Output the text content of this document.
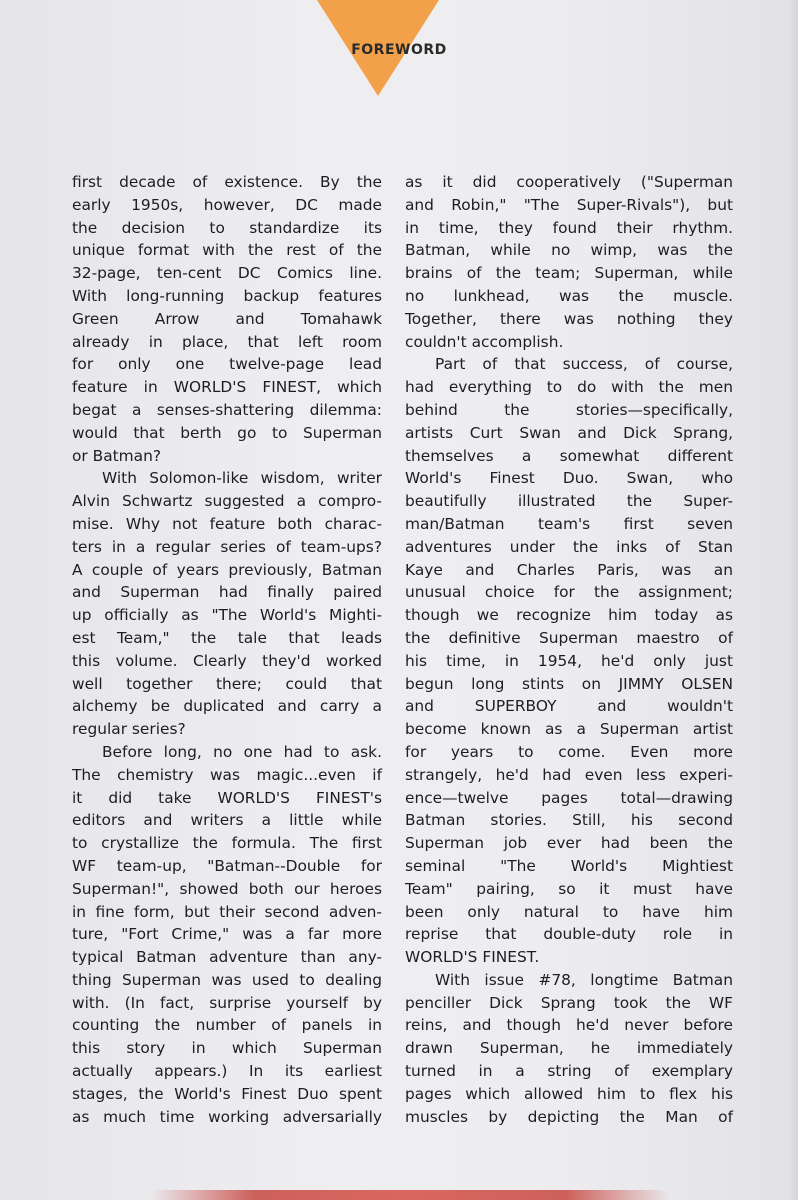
FOREWORD
first decade of existence. By the
early 1950s, however, DC made
the decision to standardize its
unique format with the rest of the
32-page, ten-cent DC Comics line.
With long-running backup features
Green Arrow and Tomahawk
already in place, that left room
for only one twelve-page lead
feature in WORLD'S FINEST, which
begat a senses-shattering dilemma:
would that berth go to Superman
or Batman?
With Solomon-like wisdom, writer
Alvin Schwartz suggested a compro-
mise. Why not feature both charac-
ters in a regular series of team-ups?
A couple of years previously, Batman
and Superman had finally paired
up officially as "The World's Mighti-
est Team," the tale that leads
this volume. Clearly they'd worked
well together there; could that
alchemy be duplicated and carry a
regular series?
Before long, no one had to ask.
The chemistry was magic...even if
it did take WORLD'S FINEST's
editors and writers a little while
to crystallize the formula. The first
WF team-up, "Batman--Double for
Superman!", showed both our heroes
in fine form, but their second adven-
ture, "Fort Crime," was a far more
typical Batman adventure than any-
thing Superman was used to dealing
with. (In fact, surprise yourself by
counting the number of panels in
this story in which Superman
actually appears.) In its earliest
stages, the World's Finest Duo spent
as much time working adversarially
as it did cooperatively ("Superman
and Robin," "The Super-Rivals"), but
in time, they found their rhythm.
Batman, while no wimp, was the
brains of the team; Superman, while
no lunkhead, was the muscle.
Together, there was nothing they
couldn't accomplish.
Part of that success, of course,
had everything to do with the men
behind the stories—specifically,
artists Curt Swan and Dick Sprang,
themselves a somewhat different
World's Finest Duo. Swan, who
beautifully illustrated the Super-
man/Batman team's first seven
adventures under the inks of Stan
Kaye and Charles Paris, was an
unusual choice for the assignment;
though we recognize him today as
the definitive Superman maestro of
his time, in 1954, he'd only just
begun long stints on JIMMY OLSEN
and SUPERBOY and wouldn't
become known as a Superman artist
for years to come. Even more
strangely, he'd had even less experi-
ence—twelve pages total—drawing
Batman stories. Still, his second
Superman job ever had been the
seminal "The World's Mightiest
Team" pairing, so it must have
been only natural to have him
reprise that double-duty role in
WORLD'S FINEST.
With issue #78, longtime Batman
penciller Dick Sprang took the WF
reins, and though he'd never before
drawn Superman, he immediately
turned in a string of exemplary
pages which allowed him to flex his
muscles by depicting the Man of
